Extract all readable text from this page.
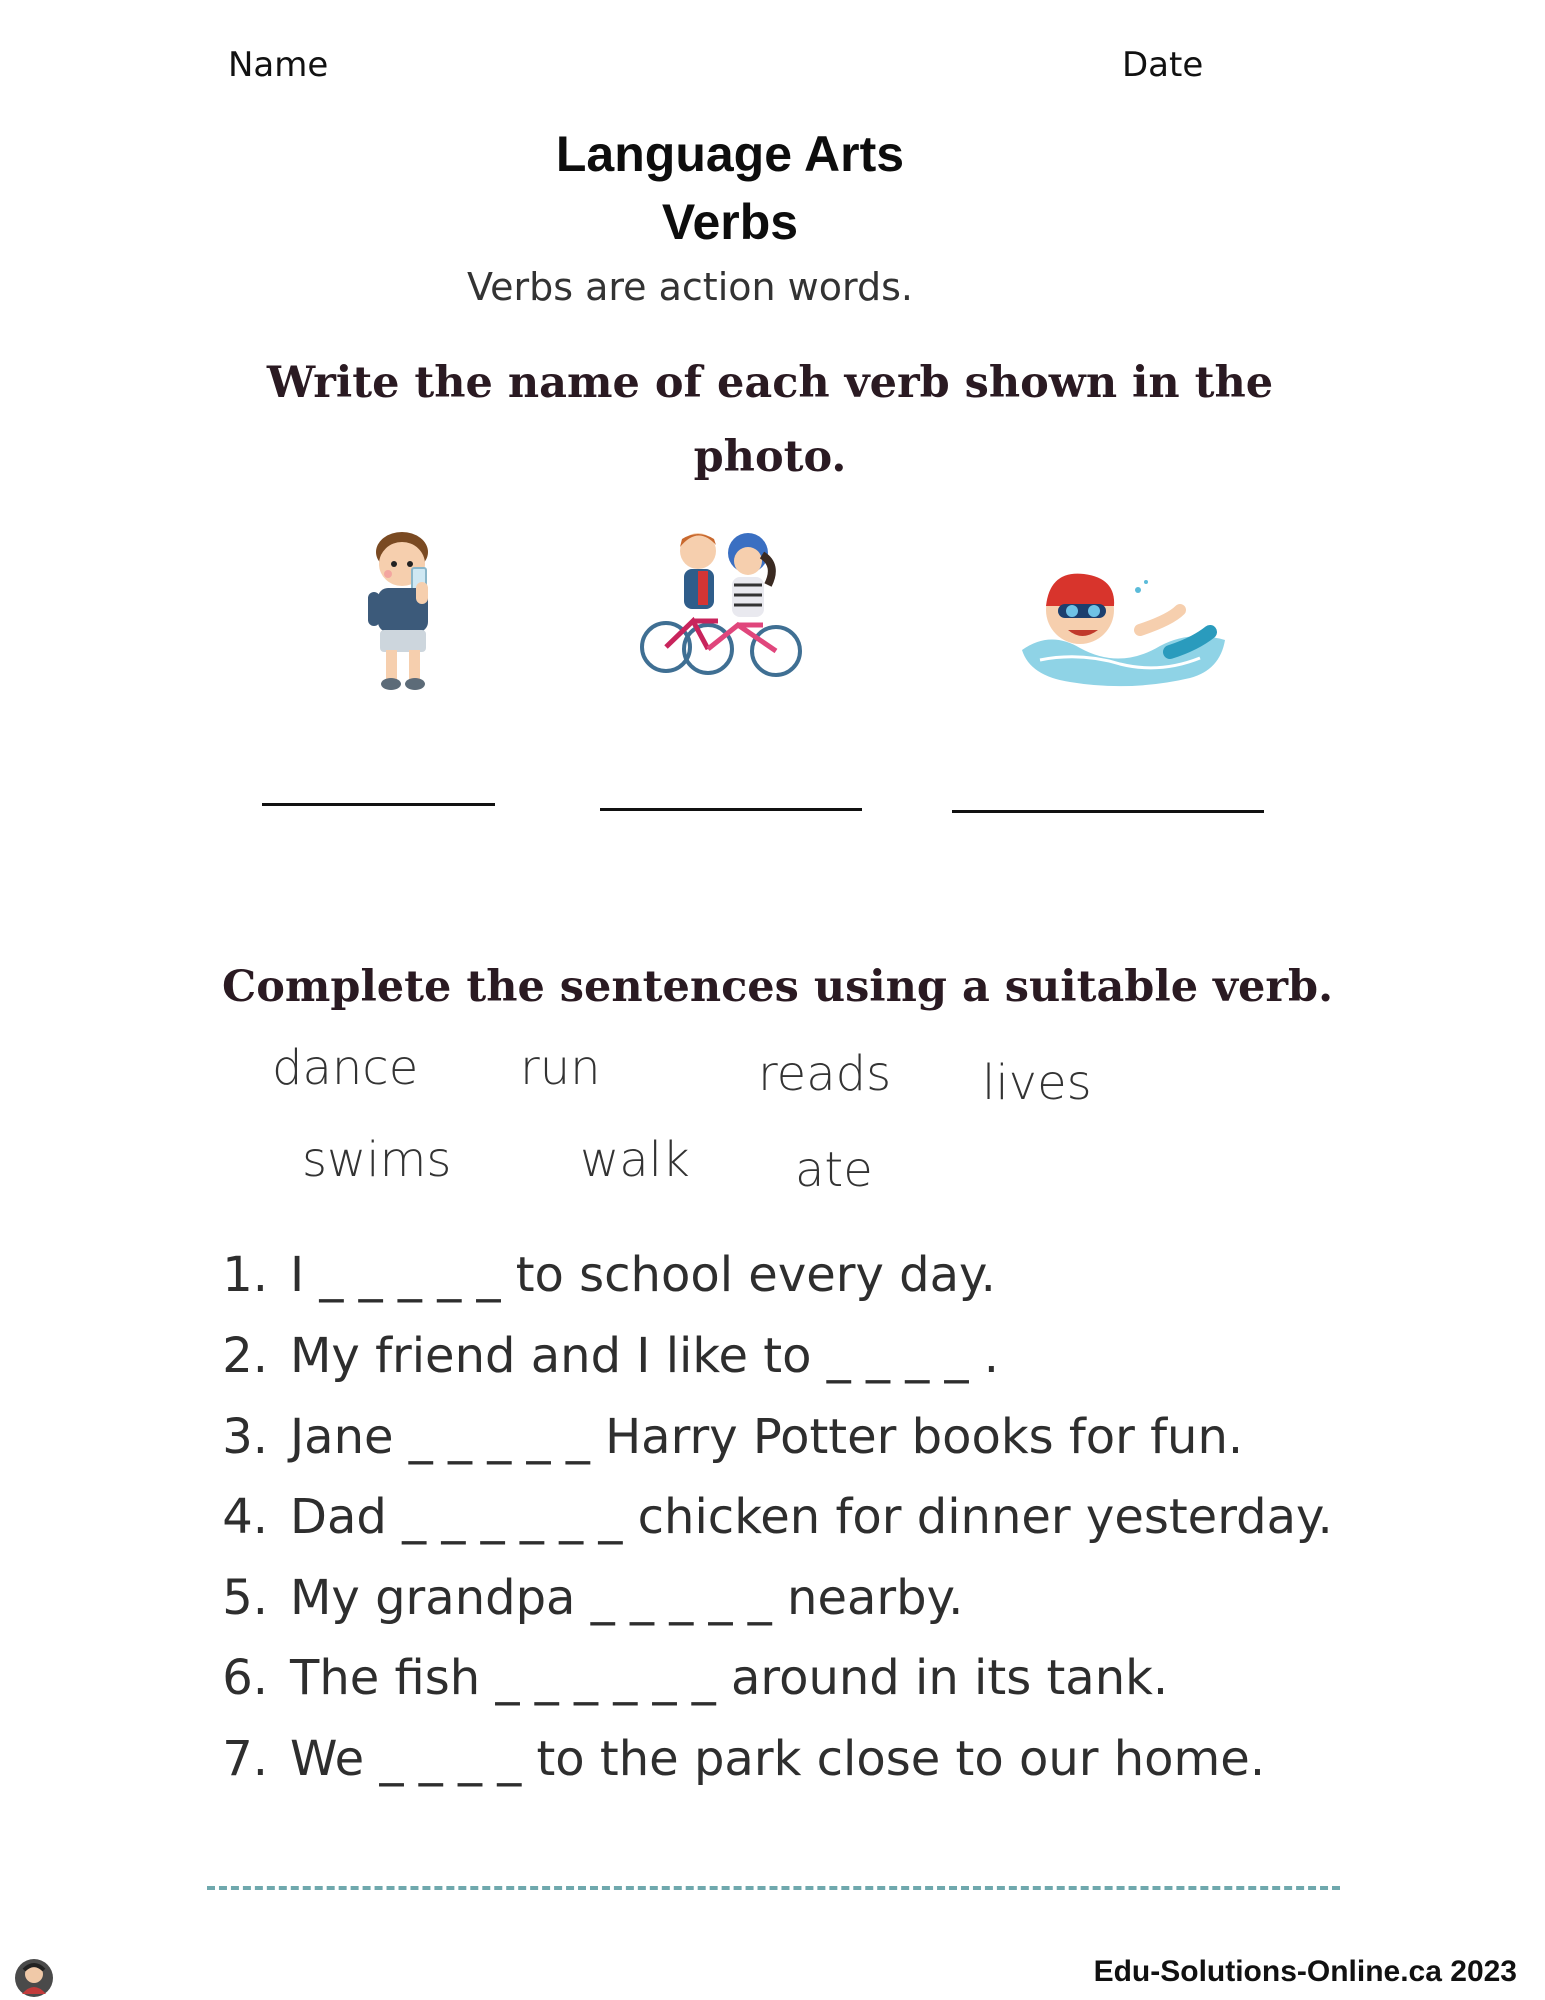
Name	Date
Language Arts
Verbs
Verbs are action words.
Write the name of each verb shown in the
photo.
Complete the sentences using a suitable verb.
dance run	reads lives
swims	walk ate
1. I _ _ _ _ _ to school every day.
2. My friend and I like to _ _ _ _ .
3. Jane _ _ _ _ _ Harry Potter books for fun.
4. Dad _ _ _ _ _ _ chicken for dinner yesterday.
5. My grandpa _ _ _ _ _ nearby.
6. The fish _ _ _ _ _ _ around in its tank.
7. We _ _ _ _ to the park close to our home.
Edu-Solutions-Online.ca 2023
